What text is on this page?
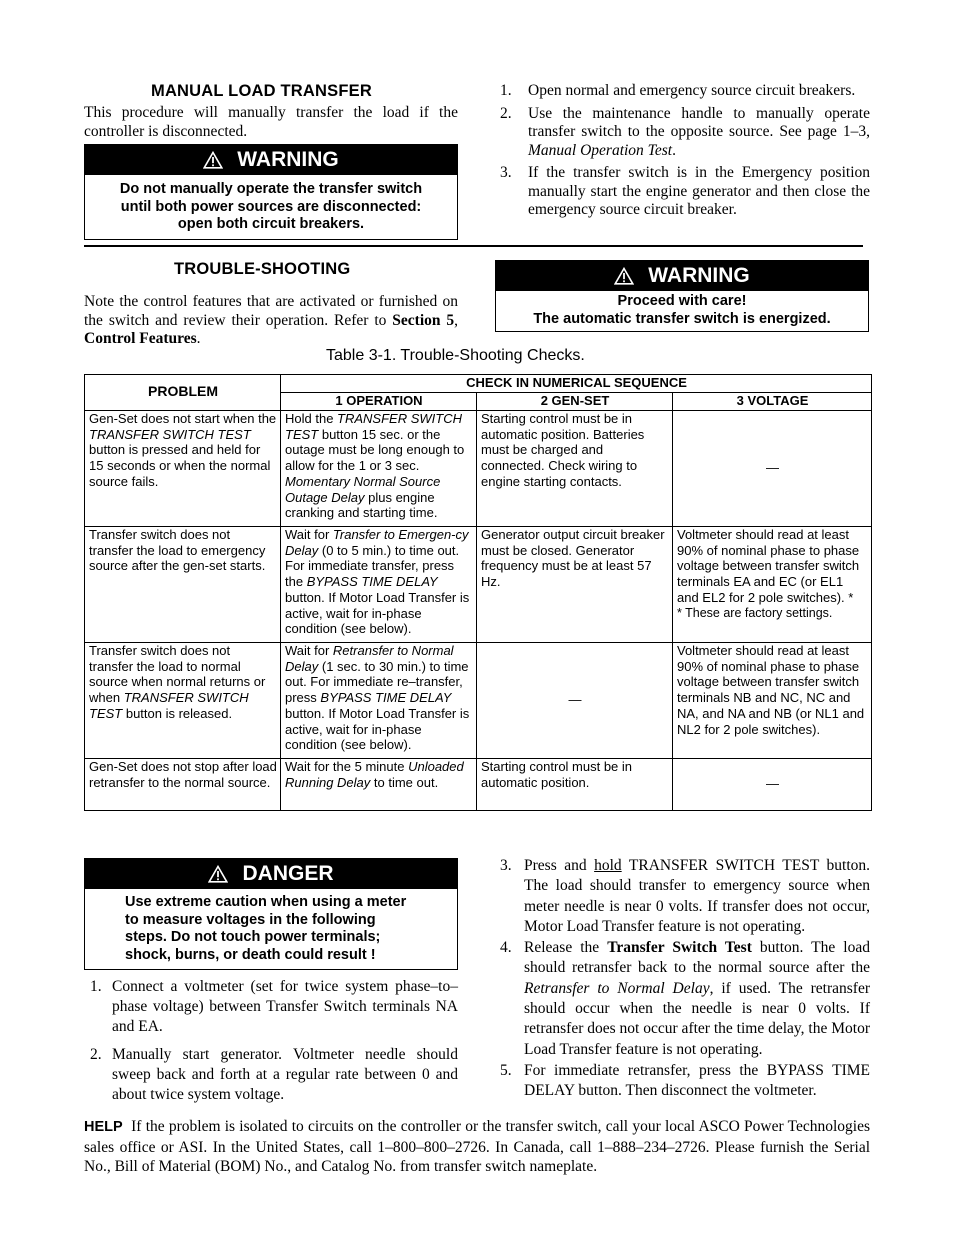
MANUAL LOAD TRANSFER
This procedure will manually transfer the load if the controller is disconnected.
WARNING
Do not manually operate the transfer switch
until both power sources are disconnected:
open both circuit breakers.
1. Open normal and emergency source circuit breakers.
2. Use the maintenance handle to manually operate transfer switch to the opposite source. See page 1–3, Manual Operation Test.
3. If the transfer switch is in the Emergency position manually start the engine generator and then close the emergency source circuit breaker.
TROUBLE-SHOOTING
Note the control features that are activated or furnished on the switch and review their operation. Refer to Section 5, Control Features.
WARNING
Proceed with care!
The automatic transfer switch is energized.
Table 3-1. Trouble-Shooting Checks.
PROBLEM	CHECK IN NUMERICAL SEQUENCE		
	1 OPERATION	2 GEN-SET	3 VOLTAGE
Gen-Set does not start when the TRANSFER SWITCH TEST button is pressed and held for 15 seconds or when the normal source fails.	Hold the TRANSFER SWITCH TEST button 15 sec. or the outage must be long enough to allow for the 1 or 3 sec. Momentary Normal Source Outage Delay plus engine cranking and starting time.	Starting control must be in automatic position. Batteries must be charged and connected. Check wiring to engine starting contacts.	—
Transfer switch does not transfer the load to emergency source after the gen-set starts.	Wait for Transfer to Emergen-cy Delay (0 to 5 min.) to time out. For immediate transfer, press the BYPASS TIME DELAY button. If Motor Load Transfer is active, wait for in-phase condition (see below).	Generator output circuit breaker must be closed. Generator frequency must be at least 57 Hz.	Voltmeter should read at least 90% of nominal phase to phase voltage between transfer switch terminals EA and EC (or EL1 and EL2 for 2 pole switches). *
* These are factory settings.

Transfer switch does not transfer the load to normal source when normal returns or when TRANSFER SWITCH TEST button is released.	Wait for Retransfer to Normal Delay (1 sec. to 30 min.) to time out. For immediate re–transfer, press BYPASS TIME DELAY button. If Motor Load Transfer is active, wait for in-phase condition (see below).	—	Voltmeter should read at least 90% of nominal phase to phase voltage between transfer switch terminals NB and NC, NC and NA, and NA and NB (or NL1 and NL2 for 2 pole switches).
Gen-Set does not stop after load retransfer to the normal source.	Wait for the 5 minute Unloaded Running Delay to time out.	Starting control must be in automatic position.	—
DANGER
Use extreme caution when using a meter
to measure voltages in the following
steps. Do not touch power terminals;
shock, burns, or death could result !
1. Connect a voltmeter (set for twice system phase–to–phase voltage) between Transfer Switch terminals NA and EA.
2. Manually start generator. Voltmeter needle should sweep back and forth at a regular rate between 0 and about twice system voltage.
3. Press and hold TRANSFER SWITCH TEST button. The load should transfer to emergency source when meter needle is near 0 volts. If transfer does not occur, Motor Load Transfer feature is not operating.
4. Release the Transfer Switch Test button. The load should retransfer back to the normal source after the Retransfer to Normal Delay, if used. The retransfer should occur when the needle is near 0 volts. If retransfer does not occur after the time delay, the Motor Load Transfer feature is not operating.
5. For immediate retransfer, press the BYPASS TIME DELAY button. Then disconnect the voltmeter.
HELP If the problem is isolated to circuits on the controller or the transfer switch, call your local ASCO Power Technologies sales office or ASI. In the United States, call 1–800–800–2726. In Canada, call 1–888–234–2726. Please furnish the Serial No., Bill of Material (BOM) No., and Catalog No. from transfer switch nameplate.
